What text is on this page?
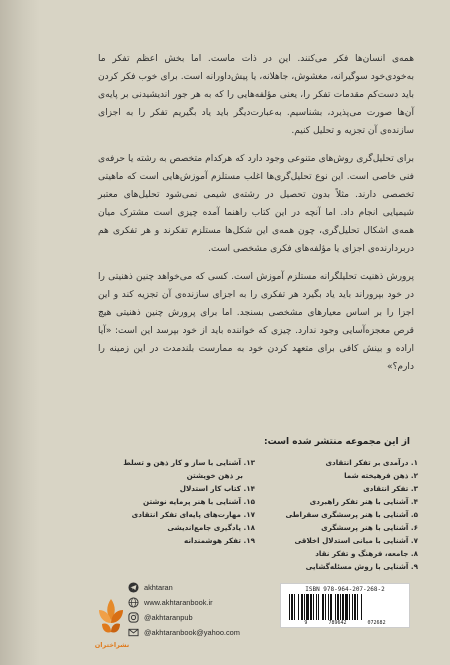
همه‌ی انسان‌ها فکر می‌کنند. این در ذات ماست. اما بخش اعظم تفکر ما به‌خودی‌خود سوگیرانه، مغشوش، جاهلانه، یا پیش‌داورانه است. برای خوب فکر کردن باید دست‌کم مقدمات تفکر را، یعنی مؤلفه‌هایی را که به هر جور اندیشیدنی بر پایه‌ی آن‌ها صورت می‌پذیرد، بشناسیم. به‌عبارت‌دیگر باید یاد بگیریم تفکر را به اجزای سازنده‌ی آن تجزیه و تحلیل کنیم.

برای تحلیل‌گری روش‌های متنوعی وجود دارد که هرکدام متخصص به رشته یا حرفه‌ی فنی خاصی است. این نوع تحلیل‌گری‌ها اغلب مستلزم آموزش‌هایی است که ماهیتی تخصصی دارند. مثلاً بدون تحصیل در رشته‌ی شیمی نمی‌شود تحلیل‌های معتبر شیمیایی انجام داد. اما آنچه در این کتاب راهنما آمده چیزی است مشترک میان همه‌ی اشکال تحلیل‌گری، چون همه‌ی این شکل‌ها مستلزم تفکرند و هر تفکری هم دربردارنده‌ی اجزای یا مؤلفه‌های فکری مشخصی است.

پرورش ذهنیت تحلیلگرانه مستلزم آموزش است. کسی که می‌خواهد چنین ذهنیتی را در خود بپروراند باید یاد بگیرد هر تفکری را به اجزای سازنده‌ی آن تجزیه کند و این اجزا را بر اساس معیارهای مشخصی بسنجد. اما برای پرورش چنین ذهنیتی هیچ قرص معجزه‌آسایی وجود ندارد. چیزی که خواننده باید از خود بپرسد این است: «آیا اراده و بینش کافی برای متعهد کردن خود به ممارست بلندمدت در این زمینه را دارم؟»

از این مجموعه منتشر شده است:
۱. درآمدی بر تفکر انتقادی
۲. ذهن فرهیخته شما
۳. تفکر انتقادی
۴. آشنایی با هنر تفکر راهبردی
۵. آشنایی با هنر پرسشگری سقراطی
۶. آشنایی با هنر پرسشگری
۷. آشنایی با مبانی استدلال اخلاقی
۸. جامعه، فرهنگ و تفکر نقاد
۹. آشنایی با روش مسئله‌گشایی
۱۳. آشنایی با ساز و کار ذهن و تسلط
بر ذهن خویشتن
۱۴. کتاب کار استدلال
۱۵. آشنایی با هنر پرمایه نوشتن
۱۷. مهارت‌های پایه‌ای تفکر انتقادی
۱۸. یادگیری جامع‌اندیشی
۱۹. تفکر هوشمندانه
ISBN 978-964-207-268-2
9 789642 072682
akhtaran
www.akhtaranbook.ir
@akhtaranpub
@akhtaranbook@yahoo.com
نشراختران
